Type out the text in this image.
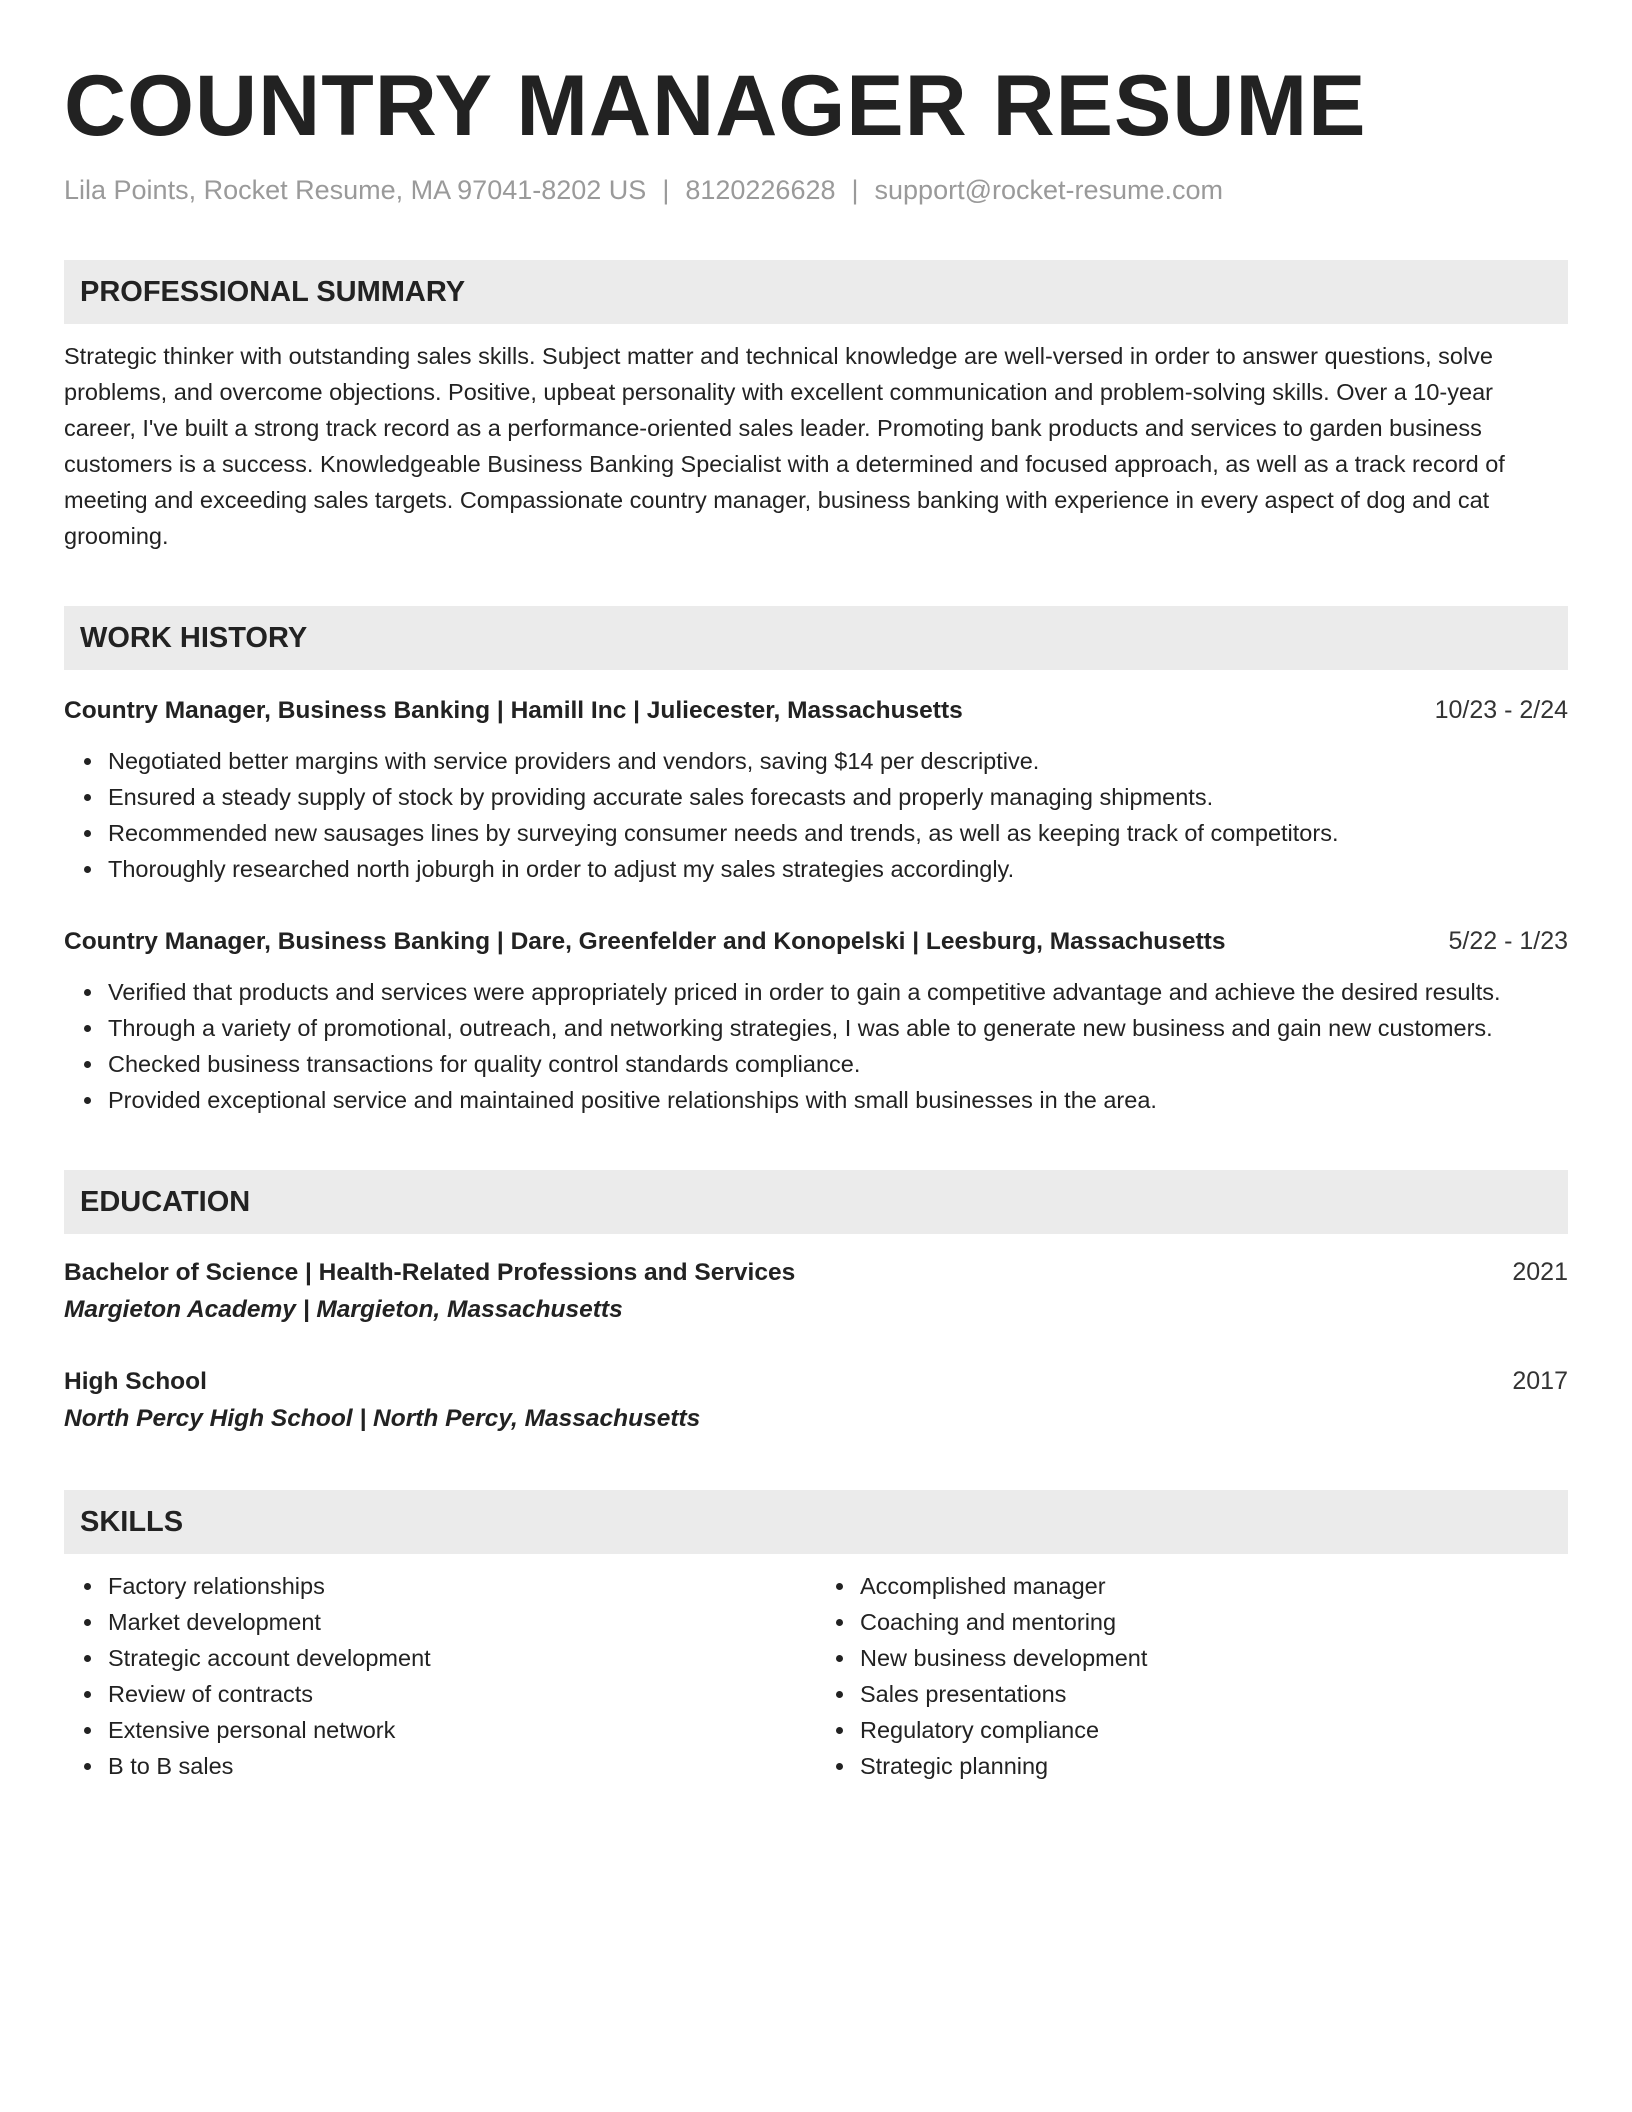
COUNTRY MANAGER RESUME
Lila Points, Rocket Resume, MA 97041-8202 US | 8120226628 | support@rocket-resume.com
PROFESSIONAL SUMMARY
Strategic thinker with outstanding sales skills. Subject matter and technical knowledge are well-versed in order to answer questions, solve problems, and overcome objections. Positive, upbeat personality with excellent communication and problem-solving skills. Over a 10-year career, I've built a strong track record as a performance-oriented sales leader. Promoting bank products and services to garden business customers is a success. Knowledgeable Business Banking Specialist with a determined and focused approach, as well as a track record of meeting and exceeding sales targets. Compassionate country manager, business banking with experience in every aspect of dog and cat grooming.
WORK HISTORY
Country Manager, Business Banking | Hamill Inc | Juliecester, Massachusetts	10/23 - 2/24
Negotiated better margins with service providers and vendors, saving $14 per descriptive.
Ensured a steady supply of stock by providing accurate sales forecasts and properly managing shipments.
Recommended new sausages lines by surveying consumer needs and trends, as well as keeping track of competitors.
Thoroughly researched north joburgh in order to adjust my sales strategies accordingly.
Country Manager, Business Banking | Dare, Greenfelder and Konopelski | Leesburg, Massachusetts	5/22 - 1/23
Verified that products and services were appropriately priced in order to gain a competitive advantage and achieve the desired results.
Through a variety of promotional, outreach, and networking strategies, I was able to generate new business and gain new customers.
Checked business transactions for quality control standards compliance.
Provided exceptional service and maintained positive relationships with small businesses in the area.
EDUCATION
Bachelor of Science | Health-Related Professions and Services	2021
Margieton Academy | Margieton, Massachusetts
High School	2017
North Percy High School | North Percy, Massachusetts
SKILLS
Factory relationships
Market development
Strategic account development
Review of contracts
Extensive personal network
B to B sales
Accomplished manager
Coaching and mentoring
New business development
Sales presentations
Regulatory compliance
Strategic planning
